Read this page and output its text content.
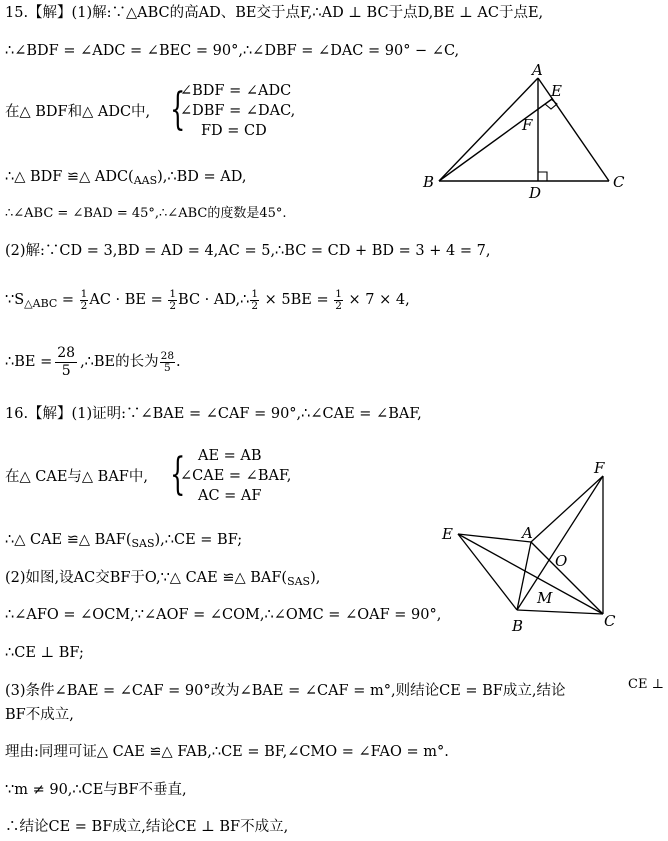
15.【解】(1)解:∵△ABC的高AD、BE交于点F,∴AD ⊥ BC于点D,BE ⊥ AC于点E,
∴∠BDF = ∠ADC = ∠BEC = 90°,∴∠DBF = ∠DAC = 90° − ∠C,
在△ BDF和△ ADC中, {
∠BDF = ∠ADC
∠DBF = ∠DAC,
FD = CD
∴△ BDF ≌△ $ADC(_{AAS}),\therefore BD$ = AD,
∴∠ABC = ∠BAD = 45°,∴∠ABC的度数是45°.
(2)解:∵CD = 3,BD = AD = 4,AC = 5,∴BC = CD + BD = 3 + 4 = 7,
$\because S_{\triangle ABC} = \frac{1}{2}$ AC · BE = $\frac{1}{2}$ BC · AD,∴ $\frac{1}{2} \times 5BE = \frac{1}{2} \times 7 \times 4$,
∴BE = $\frac{28}{5}$ ,∴BE的长为 $\frac{28}{5}$ .
A
E
F
B
D
C
16.【解】(1)证明:∵∠BAE = ∠CAF = 90°,∴∠CAE = ∠BAF,
在△ CAE与△ BAF中, { AE = AB
∠CAE = ∠BAF,
AC = AF
∴△ CAE ≌△ $BAF(_{SAS}),\therefore CE$ = BF;
(2)如图,设AC交BF于O,∵△ CAE ≌△ $BAF(_{SAS})$,
∴∠AFO = ∠OCM,∵∠AOF = ∠COM,∴∠OMC = ∠OAF = 90°,
∴CE ⊥ BF;
(3)条件∠BAE = ∠CAF = 90°改为∠BAE = ∠CAF = m°,则结论CE = BF成立,结论	CE ⊥
BF不成立,
理由:同理可证△ CAE ≌△ FAB,∴CE = BF,∠CMO = ∠FAO = m°.
∵m ≠ 90,∴CE与BF不垂直,
∴结论CE = BF成立,结论CE ⊥ BF不成立,
F
E	A
O
M
B	C
